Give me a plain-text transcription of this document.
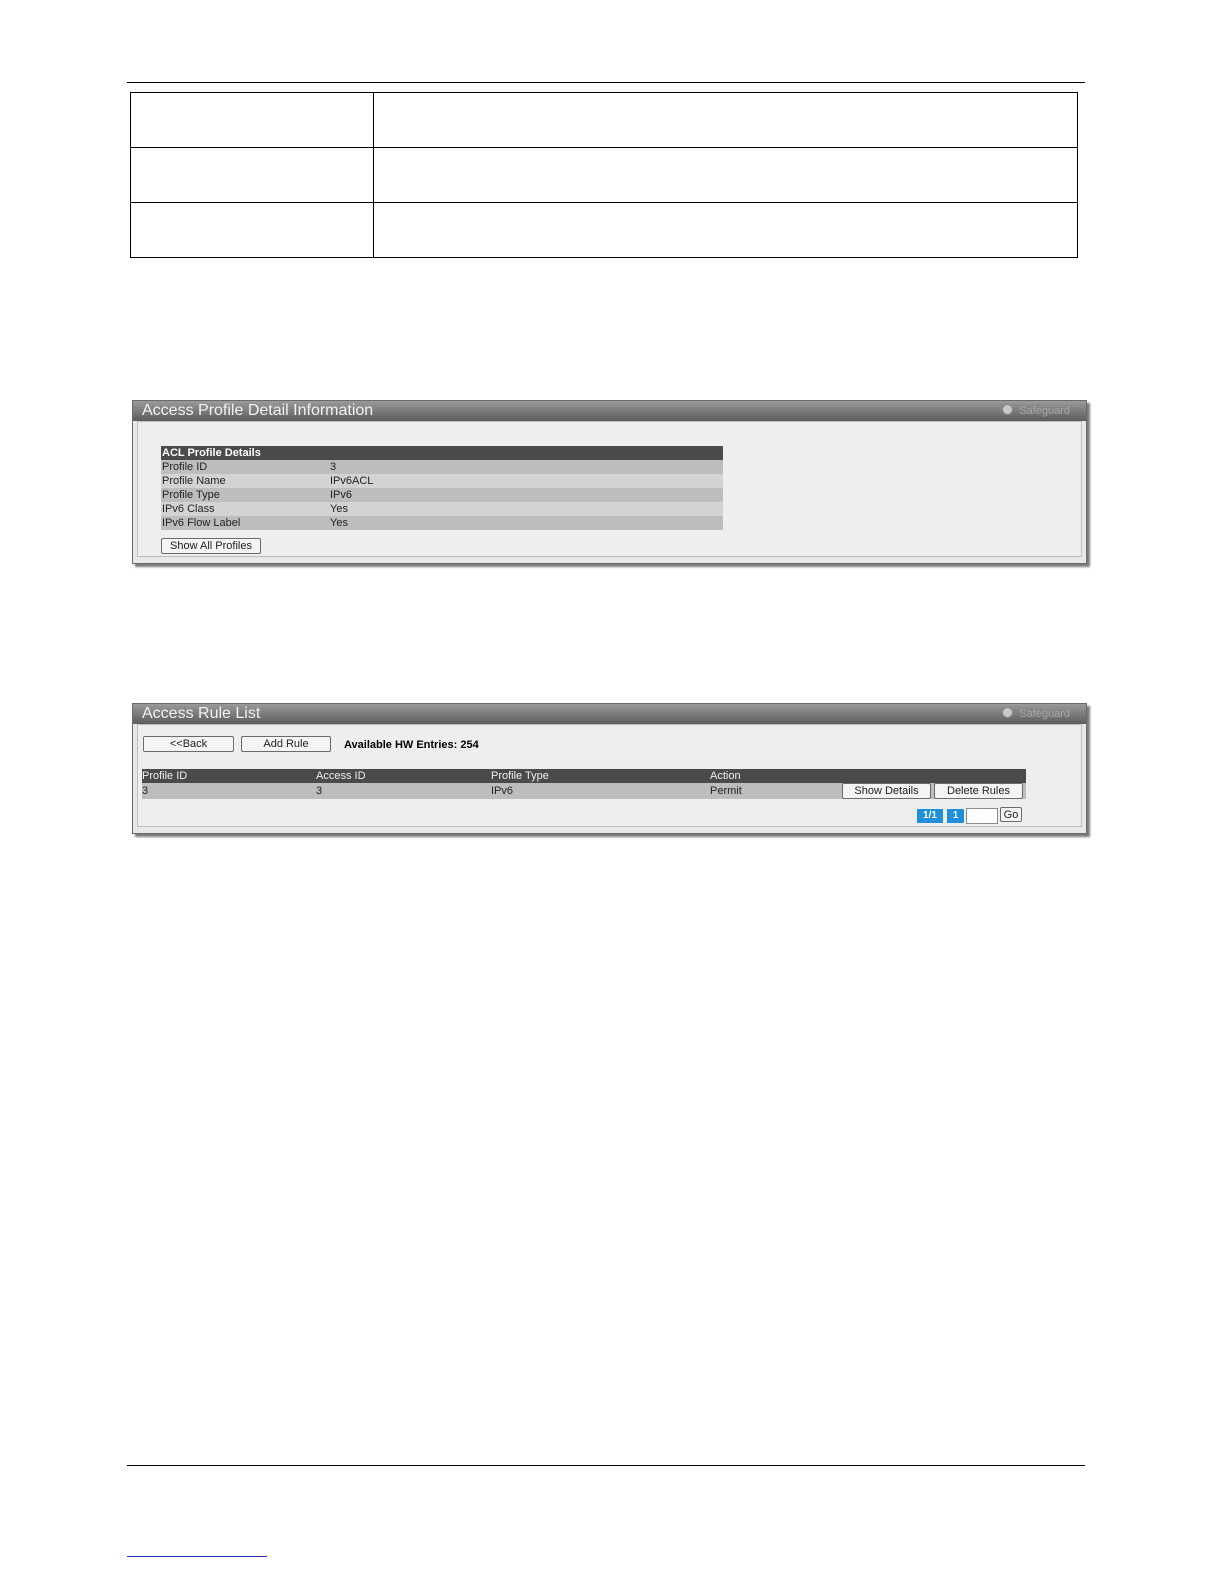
Access Profile Detail Information	Safeguard
ACL Profile Details	
Profile ID	3
Profile Name	IPv6ACL
Profile Type	IPv6
IPv6 Class	Yes
IPv6 Flow Label	Yes
Show All Profiles
Access Rule List	Safeguard
<<Back	Add Rule	Available HW Entries: 254
Profile ID	Access ID	Profile Type	Action	
3	3	IPv6	Permit	Show Details Delete Rules
1/1	1	Go
